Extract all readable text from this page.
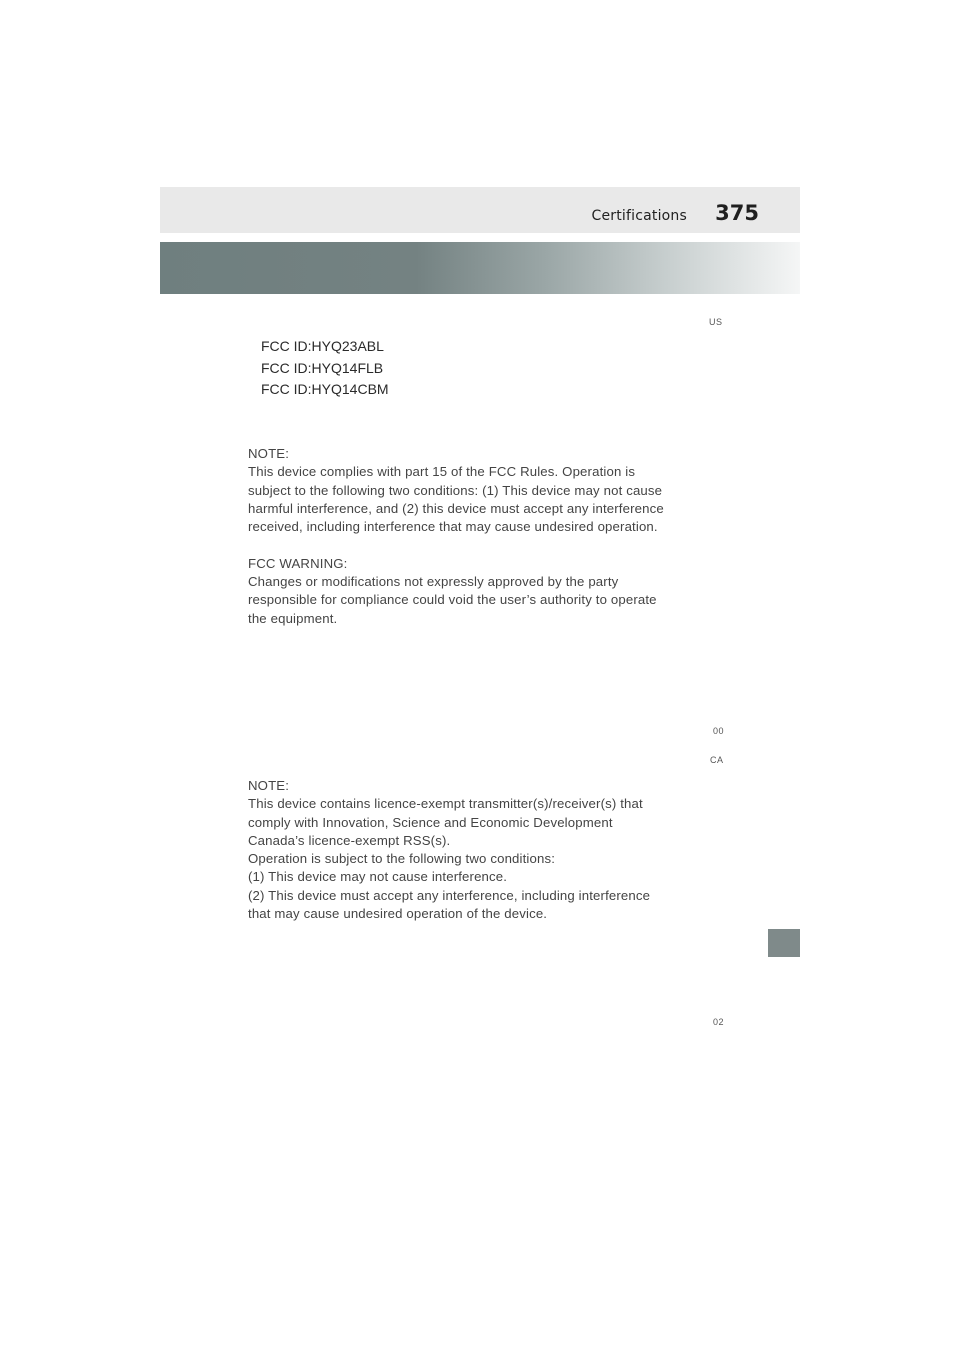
Certifications 375
US
FCC ID:HYQ23ABL
FCC ID:HYQ14FLB
FCC ID:HYQ14CBM
NOTE:
This device complies with part 15 of the FCC Rules. Operation is
subject to the following two conditions: (1) This device may not cause
harmful interference, and (2) this device must accept any interference
received, including interference that may cause undesired operation.
FCC WARNING:
Changes or modifications not expressly approved by the party
responsible for compliance could void the user’s authority to operate
the equipment.
00
CA
NOTE:
This device contains licence-exempt transmitter(s)/receiver(s) that
comply with Innovation, Science and Economic Development
Canada’s licence-exempt RSS(s).
Operation is subject to the following two conditions:
(1) This device may not cause interference.
(2) This device must accept any interference, including interference
that may cause undesired operation of the device.
02
